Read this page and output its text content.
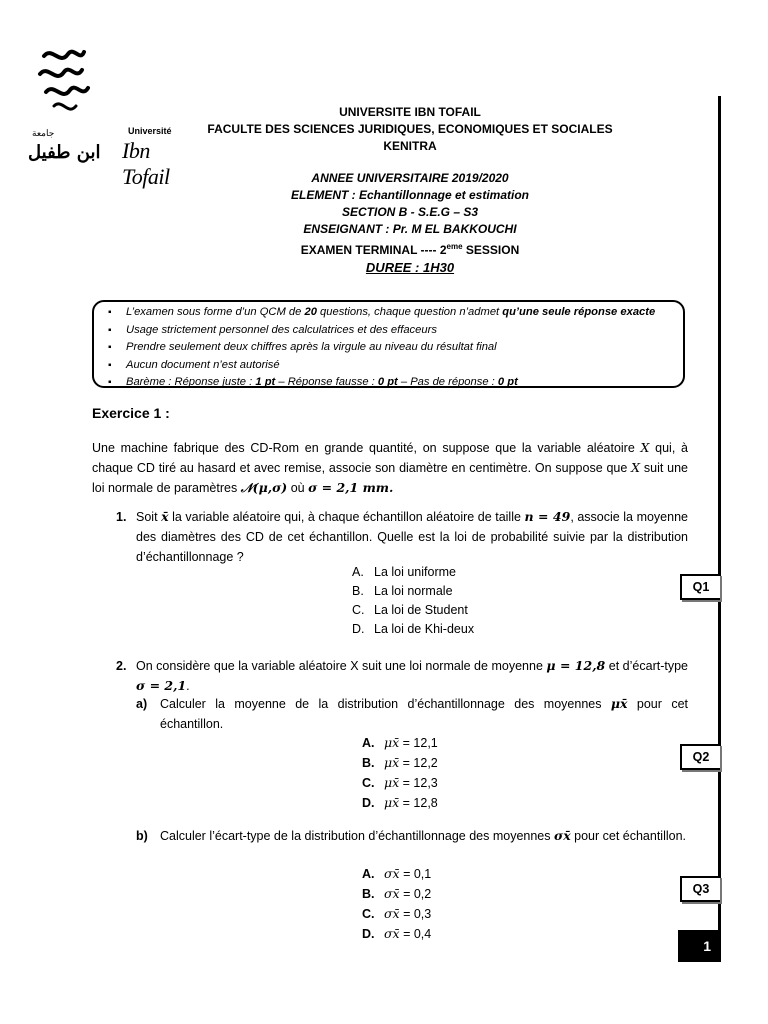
جامعة
ابن طفيل
Université
Ibn Tofail
UNIVERSITE IBN TOFAIL
FACULTE DES SCIENCES JURIDIQUES, ECONOMIQUES ET SOCIALES
KENITRA
ANNEE UNIVERSITAIRE 2019/2020
ELEMENT : Echantillonnage et estimation
SECTION B - S.E.G – S3
ENSEIGNANT : Pr. M EL BAKKOUCHI
EXAMEN TERMINAL ---- 2eme SESSION
DUREE : 1H30
▪ L’examen sous forme d’un QCM de 20 questions, chaque question n’admet qu’une seule réponse exacte
▪ Usage strictement personnel des calculatrices et des effaceurs
▪ Prendre seulement deux chiffres après la virgule au niveau du résultat final
▪ Aucun document n’est autorisé
▪ Barème : Réponse juste : 1 pt – Réponse fausse : 0 pt – Pas de réponse : 0 pt
Exercice 1 :
Une machine fabrique des CD-Rom en grande quantité, on suppose que la variable aléatoire X qui, à chaque CD tiré au hasard et avec remise, associe son diamètre en centimètre. On suppose que X suit une loi normale de paramètres 𝒩(μ,σ) où σ = 2,1 mm.
1. Soit x̄ la variable aléatoire qui, à chaque échantillon aléatoire de taille n = 49, associe la moyenne des diamètres des CD de cet échantillon. Quelle est la loi de probabilité suivie par la distribution d’échantillonnage ?
A. La loi uniforme
B. La loi normale
C. La loi de Student
D. La loi de Khi-deux
Q1
2. On considère que la variable aléatoire X suit une loi normale de moyenne μ = 12,8 et d’écart-type σ = 2,1.
a) Calculer la moyenne de la distribution d’échantillonnage des moyennes μx̄ pour cet échantillon.
A. μx̄ = 12,1
B. μx̄ = 12,2
C. μx̄ = 12,3
D. μx̄ = 12,8
Q2
b) Calculer l’écart-type de la distribution d’échantillonnage des moyennes σx̄ pour cet échantillon.
A. σx̄ = 0,1
B. σx̄ = 0,2
C. σx̄ = 0,3
D. σx̄ = 0,4
Q3
1
